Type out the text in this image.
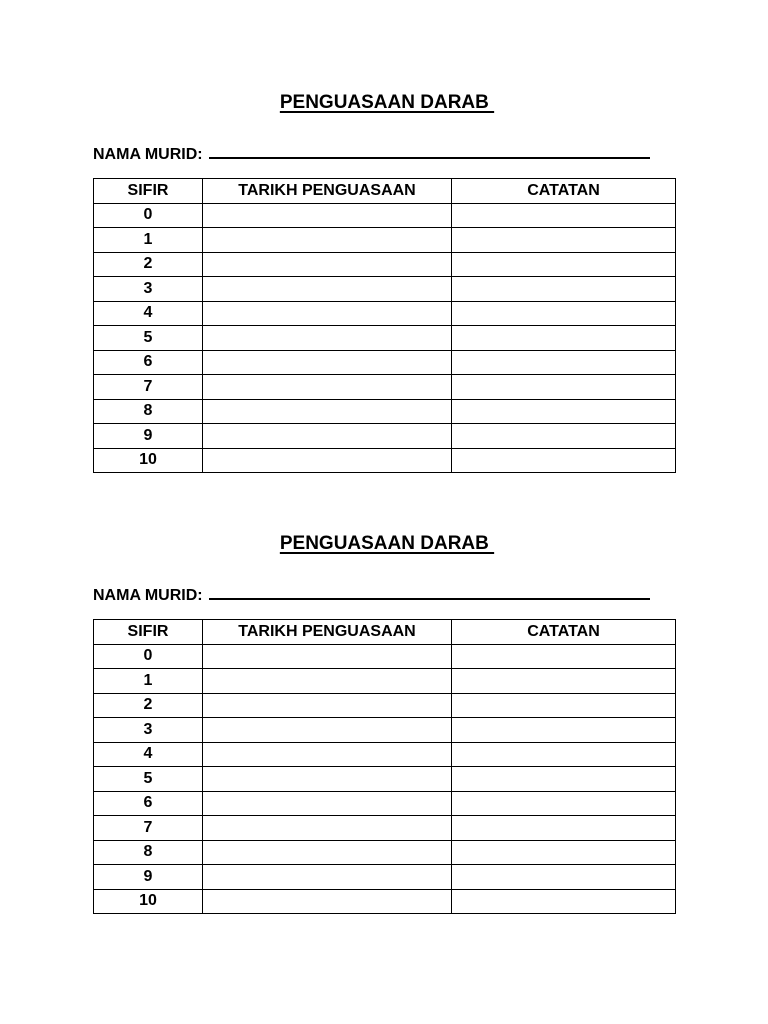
PENGUASAAN DARAB
NAMA MURID:
SIFIR	TARIKH PENGUASAAN	CATATAN
0		
1		
2		
3		
4		
5		
6		
7		
8		
9		
10		
PENGUASAAN DARAB
NAMA MURID:
SIFIR	TARIKH PENGUASAAN	CATATAN
0		
1		
2		
3		
4		
5		
6		
7		
8		
9		
10		
